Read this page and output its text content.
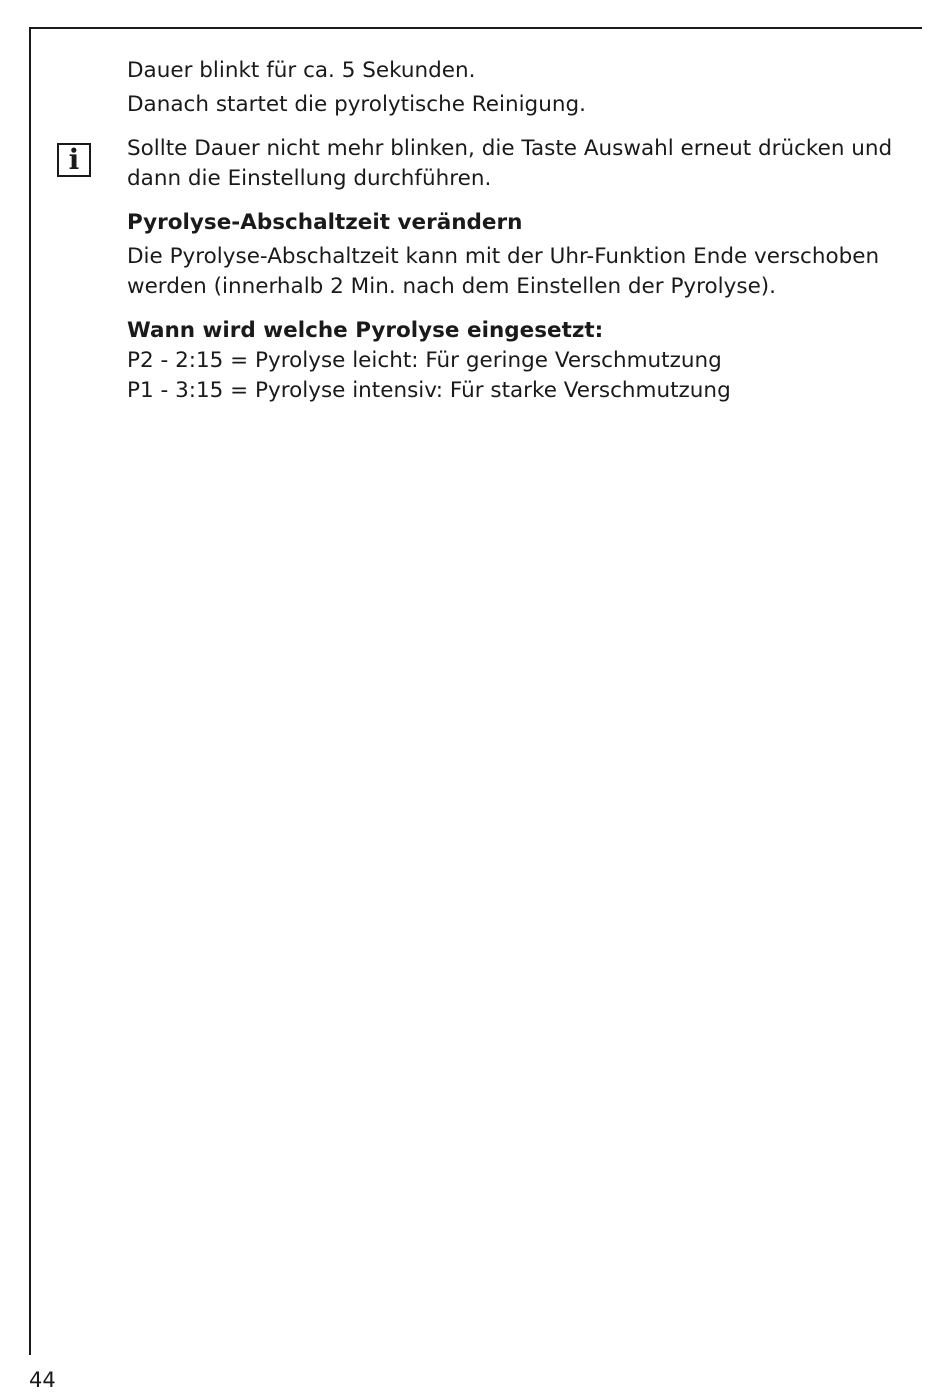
i

Dauer blinkt für ca. 5 Sekunden.

Danach startet die pyrolytische Reinigung.

Sollte Dauer nicht mehr blinken, die Taste Auswahl erneut drücken und

dann die Einstellung durchführen.

Pyrolyse-Abschaltzeit verändern

Die Pyrolyse-Abschaltzeit kann mit der Uhr-Funktion Ende verschoben

werden (innerhalb 2 Min. nach dem Einstellen der Pyrolyse).

Wann wird welche Pyrolyse eingesetzt:

P2 - 2:15 = Pyrolyse leicht: Für geringe Verschmutzung

P1 - 3:15 = Pyrolyse intensiv: Für starke Verschmutzung

44
